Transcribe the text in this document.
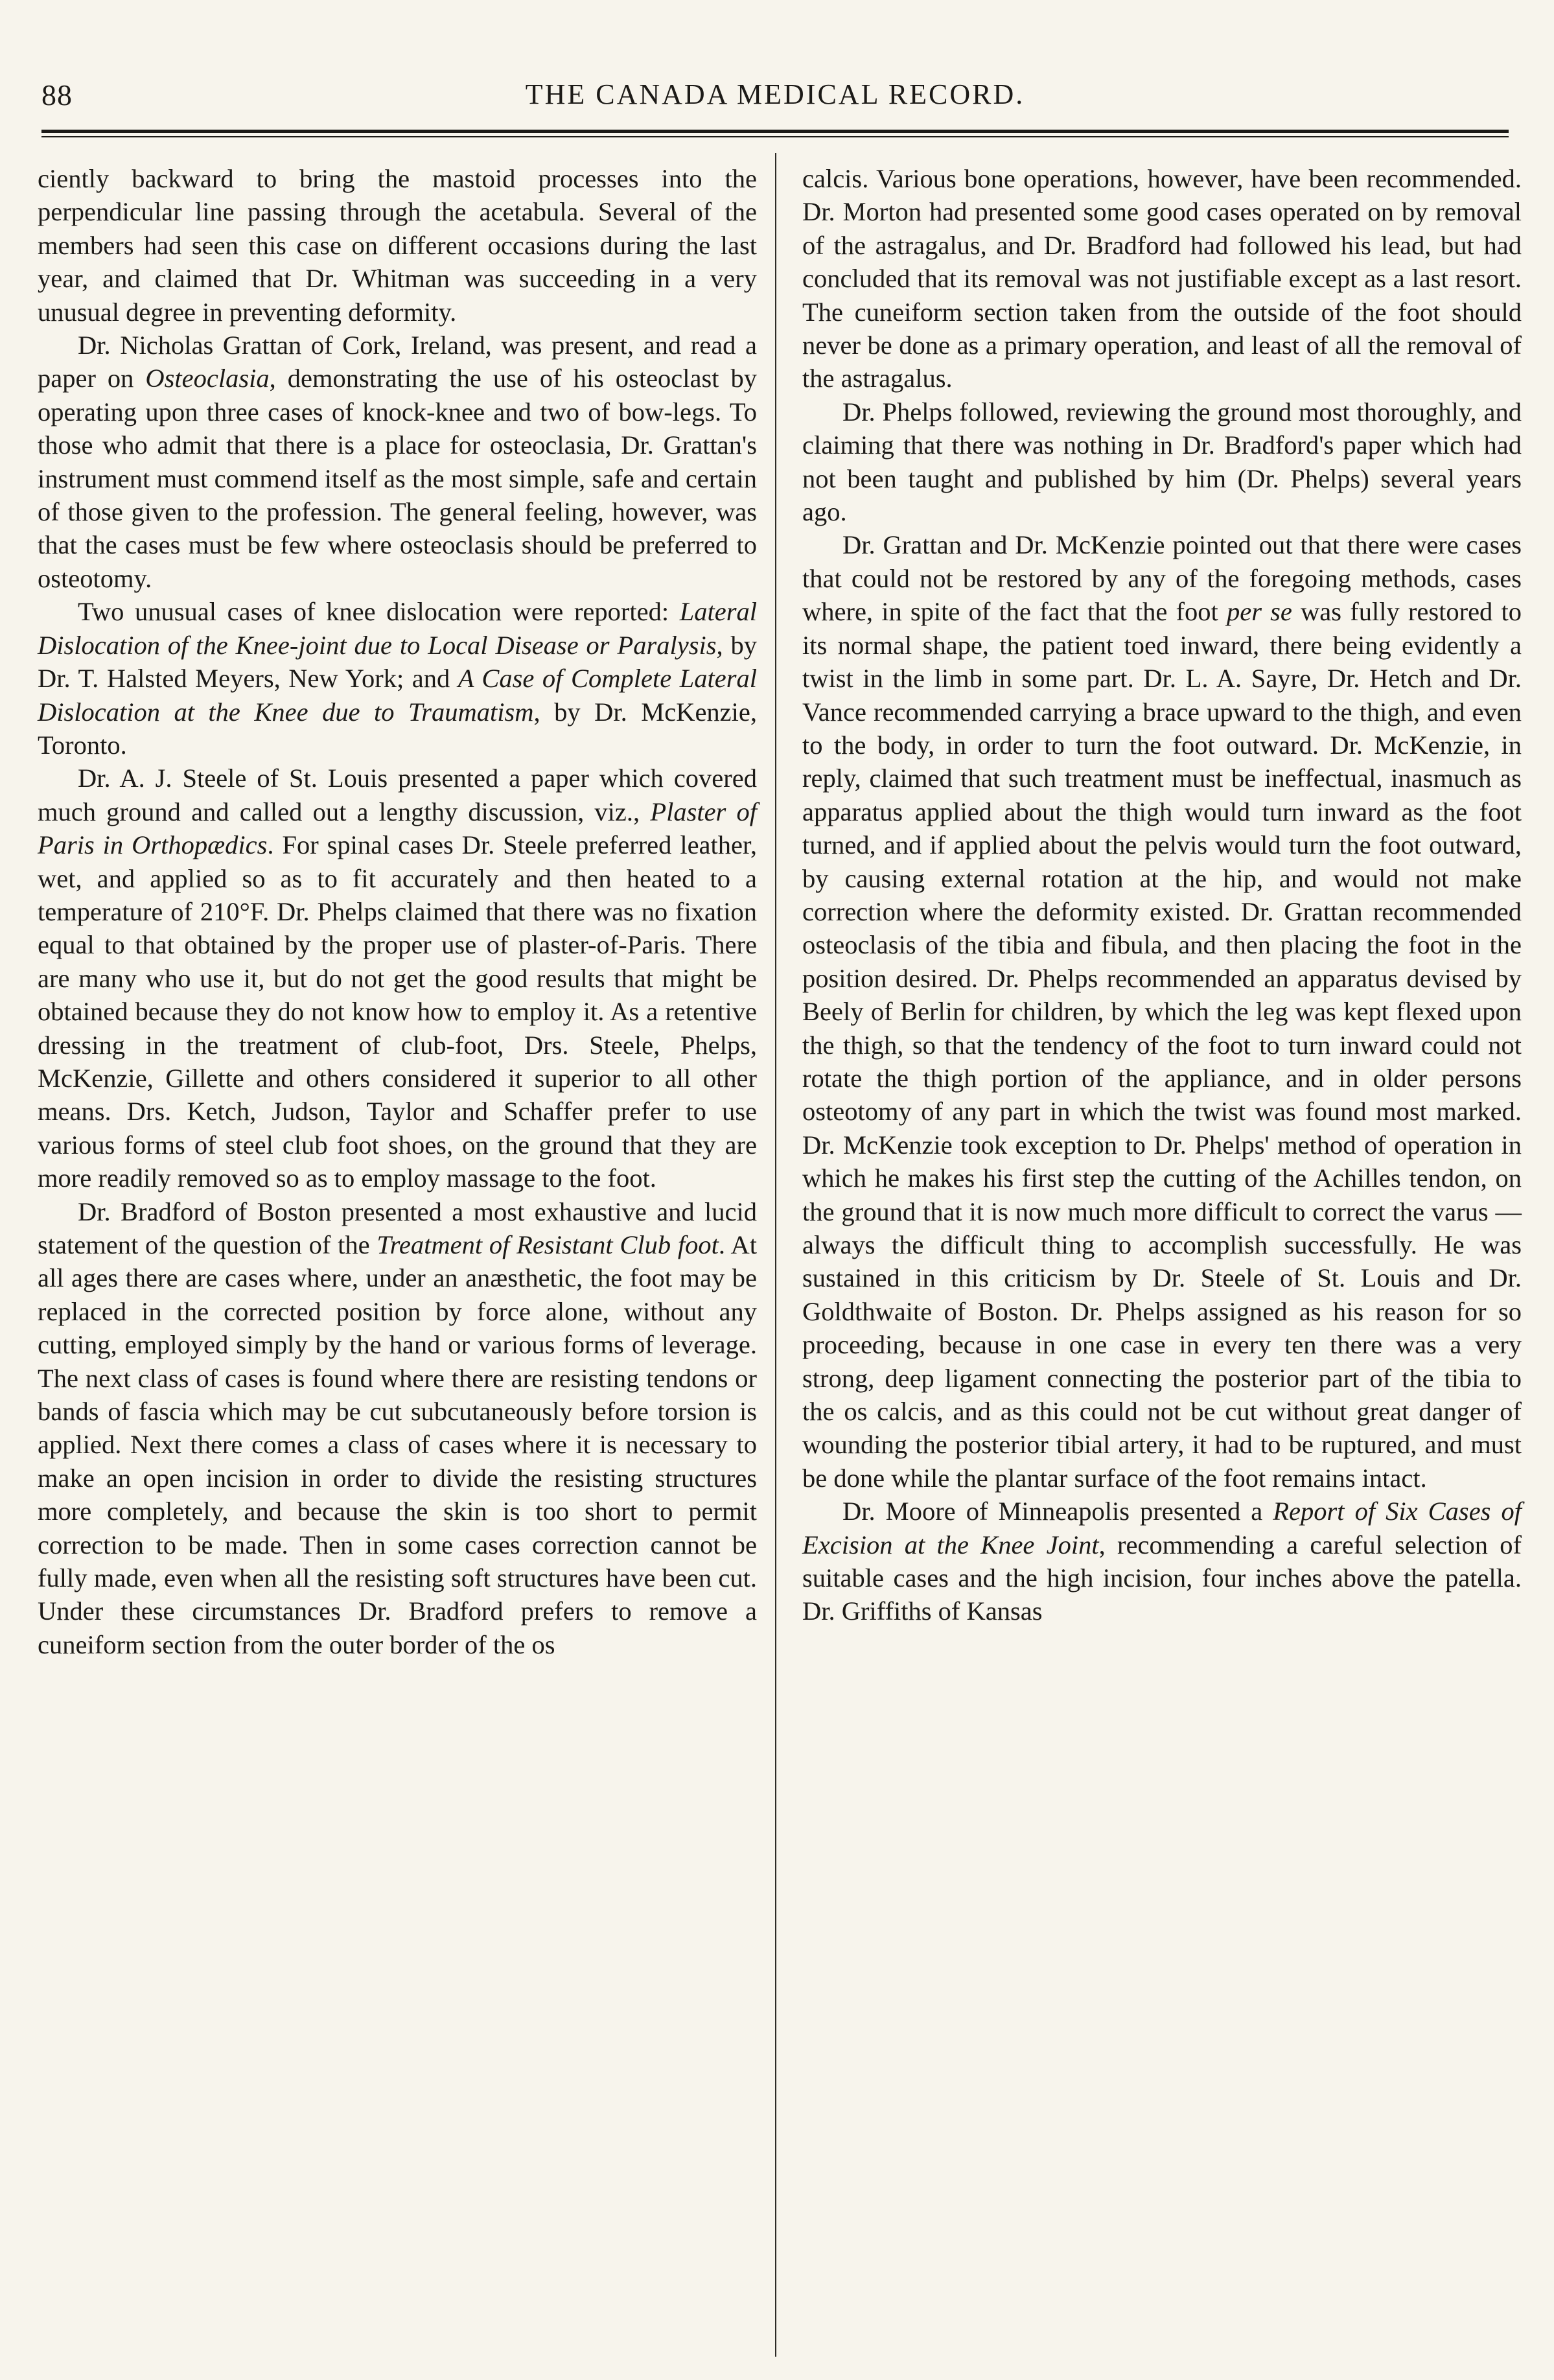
88	THE CANADA MEDICAL RECORD.

ciently backward to bring the mastoid processes into the perpendicular line passing through the acetabula. Several of the members had seen this case on different occasions during the last year, and claimed that Dr. Whitman was succeeding in a very unusual degree in preventing deformity.

Dr. Nicholas Grattan of Cork, Ireland, was present, and read a paper on Osteoclasia, demonstrating the use of his osteoclast by operating upon three cases of knock-knee and two of bow-legs. To those who admit that there is a place for osteoclasia, Dr. Grattan's instrument must commend itself as the most simple, safe and certain of those given to the profession. The general feeling, however, was that the cases must be few where osteoclasis should be preferred to osteotomy.

Two unusual cases of knee dislocation were reported: Lateral Dislocation of the Knee-joint due to Local Disease or Paralysis, by Dr. T. Halsted Meyers, New York; and A Case of Complete Lateral Dislocation at the Knee due to Traumatism, by Dr. McKenzie, Toronto.

Dr. A. J. Steele of St. Louis presented a paper which covered much ground and called out a lengthy discussion, viz., Plaster of Paris in Orthopædics. For spinal cases Dr. Steele preferred leather, wet, and applied so as to fit accurately and then heated to a temperature of 210°F. Dr. Phelps claimed that there was no fixation equal to that obtained by the proper use of plaster-of-Paris. There are many who use it, but do not get the good results that might be obtained because they do not know how to employ it. As a retentive dressing in the treatment of club-foot, Drs. Steele, Phelps, McKenzie, Gillette and others considered it superior to all other means. Drs. Ketch, Judson, Taylor and Schaffer prefer to use various forms of steel club foot shoes, on the ground that they are more readily removed so as to employ massage to the foot.

Dr. Bradford of Boston presented a most exhaustive and lucid statement of the question of the Treatment of Resistant Club foot. At all ages there are cases where, under an anæsthetic, the foot may be replaced in the corrected position by force alone, without any cutting, employed simply by the hand or various forms of leverage. The next class of cases is found where there are resisting tendons or bands of fascia which may be cut subcutaneously before torsion is applied. Next there comes a class of cases where it is necessary to make an open incision in order to divide the resisting structures more completely, and because the skin is too short to permit correction to be made. Then in some cases correction cannot be fully made, even when all the resisting soft structures have been cut. Under these circumstances Dr. Bradford prefers to remove a cuneiform section from the outer border of the os

calcis. Various bone operations, however, have been recommended. Dr. Morton had presented some good cases operated on by removal of the astragalus, and Dr. Bradford had followed his lead, but had concluded that its removal was not justifiable except as a last resort. The cuneiform section taken from the outside of the foot should never be done as a primary operation, and least of all the removal of the astragalus.

Dr. Phelps followed, reviewing the ground most thoroughly, and claiming that there was nothing in Dr. Bradford's paper which had not been taught and published by him (Dr. Phelps) several years ago.

Dr. Grattan and Dr. McKenzie pointed out that there were cases that could not be restored by any of the foregoing methods, cases where, in spite of the fact that the foot per se was fully restored to its normal shape, the patient toed inward, there being evidently a twist in the limb in some part. Dr. L. A. Sayre, Dr. Hetch and Dr. Vance recommended carrying a brace upward to the thigh, and even to the body, in order to turn the foot outward. Dr. McKenzie, in reply, claimed that such treatment must be ineffectual, inasmuch as apparatus applied about the thigh would turn inward as the foot turned, and if applied about the pelvis would turn the foot outward, by causing external rotation at the hip, and would not make correction where the deformity existed. Dr. Grattan recommended osteoclasis of the tibia and fibula, and then placing the foot in the position desired. Dr. Phelps recommended an apparatus devised by Beely of Berlin for children, by which the leg was kept flexed upon the thigh, so that the tendency of the foot to turn inward could not rotate the thigh portion of the appliance, and in older persons osteotomy of any part in which the twist was found most marked. Dr. McKenzie took exception to Dr. Phelps' method of operation in which he makes his first step the cutting of the Achilles tendon, on the ground that it is now much more difficult to correct the varus — always the difficult thing to accomplish successfully. He was sustained in this criticism by Dr. Steele of St. Louis and Dr. Goldthwaite of Boston. Dr. Phelps assigned as his reason for so proceeding, because in one case in every ten there was a very strong, deep ligament connecting the posterior part of the tibia to the os calcis, and as this could not be cut without great danger of wounding the posterior tibial artery, it had to be ruptured, and must be done while the plantar surface of the foot remains intact.

Dr. Moore of Minneapolis presented a Report of Six Cases of Excision at the Knee Joint, recommending a careful selection of suitable cases and the high incision, four inches above the patella. Dr. Griffiths of Kansas
